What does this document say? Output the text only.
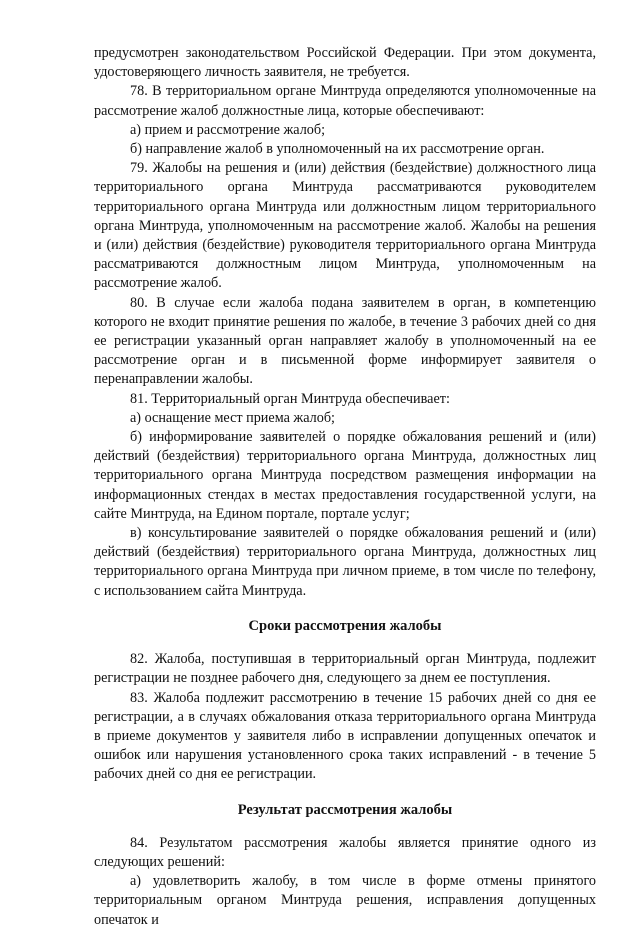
предусмотрен законодательством Российской Федерации. При этом документа, удостоверяющего личность заявителя, не требуется.

78. В территориальном органе Минтруда определяются уполномоченные на рассмотрение жалоб должностные лица, которые обеспечивают:

а) прием и рассмотрение жалоб;

б) направление жалоб в уполномоченный на их рассмотрение орган.

79. Жалобы на решения и (или) действия (бездействие) должностного лица территориального органа Минтруда рассматриваются руководителем территориального органа Минтруда или должностным лицом территориального органа Минтруда, уполномоченным на рассмотрение жалоб. Жалобы на решения и (или) действия (бездействие) руководителя территориального органа Минтруда рассматриваются должностным лицом Минтруда, уполномоченным на рассмотрение жалоб.

80. В случае если жалоба подана заявителем в орган, в компетенцию которого не входит принятие решения по жалобе, в течение 3 рабочих дней со дня ее регистрации указанный орган направляет жалобу в уполномоченный на ее рассмотрение орган и в письменной форме информирует заявителя о перенаправлении жалобы.

81. Территориальный орган Минтруда обеспечивает:

а) оснащение мест приема жалоб;

б) информирование заявителей о порядке обжалования решений и (или) действий (бездействия) территориального органа Минтруда, должностных лиц территориального органа Минтруда посредством размещения информации на информационных стендах в местах предоставления государственной услуги, на сайте Минтруда, на Едином портале, портале услуг;

в) консультирование заявителей о порядке обжалования решений и (или) действий (бездействия) территориального органа Минтруда, должностных лиц территориального органа Минтруда при личном приеме, в том числе по телефону, с использованием сайта Минтруда.

Сроки рассмотрения жалобы

82. Жалоба, поступившая в территориальный орган Минтруда, подлежит регистрации не позднее рабочего дня, следующего за днем ее поступления.

83. Жалоба подлежит рассмотрению в течение 15 рабочих дней со дня ее регистрации, а в случаях обжалования отказа территориального органа Минтруда в приеме документов у заявителя либо в исправлении допущенных опечаток и ошибок или нарушения установленного срока таких исправлений - в течение 5 рабочих дней со дня ее регистрации.

Результат рассмотрения жалобы

84. Результатом рассмотрения жалобы является принятие одного из следующих решений:

а) удовлетворить жалобу, в том числе в форме отмены принятого территориальным органом Минтруда решения, исправления допущенных опечаток и
